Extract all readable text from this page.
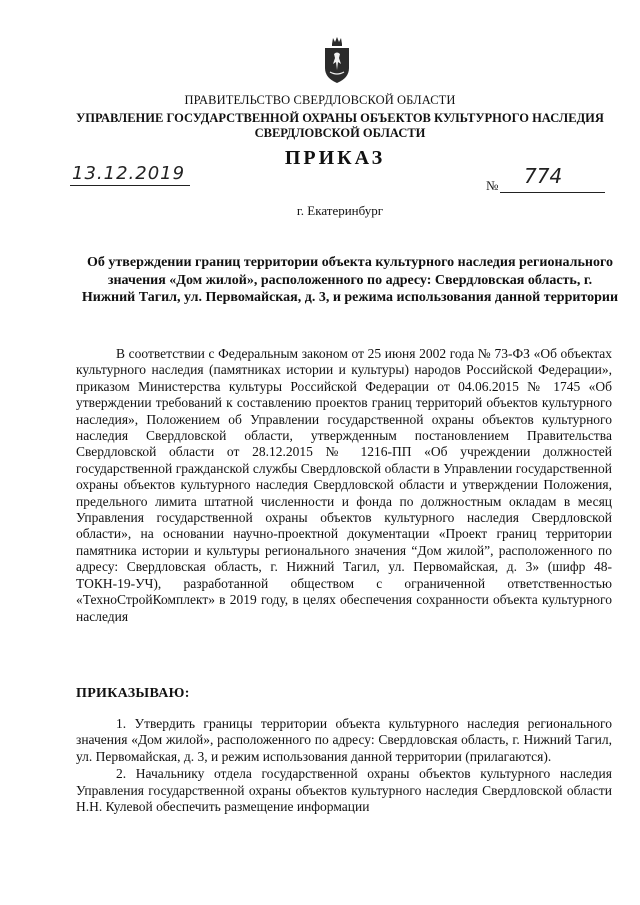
ПРАВИТЕЛЬСТВО СВЕРДЛОВСКОЙ ОБЛАСТИ
УПРАВЛЕНИЕ ГОСУДАРСТВЕННОЙ ОХРАНЫ ОБЪЕКТОВ КУЛЬТУРНОГО НАСЛЕДИЯ СВЕРДЛОВСКОЙ ОБЛАСТИ
ПРИКАЗ
13.12.2019
№ 774
г. Екатеринбург
Об утверждении границ территории объекта культурного наследия регионального значения «Дом жилой», расположенного по адресу: Свердловская область, г. Нижний Тагил, ул. Первомайская, д. 3, и режима использования данной территории

В соответствии с Федеральным законом от 25 июня 2002 года № 73-ФЗ «Об объектах культурного наследия (памятниках истории и культуры) народов Российской Федерации», приказом Министерства культуры Российской Федерации от 04.06.2015 № 1745 «Об утверждении требований к составлению проектов границ территорий объектов культурного наследия», Положением об Управлении государственной охраны объектов культурного наследия Свердловской области, утвержденным постановлением Правительства Свердловской области от 28.12.2015 № 1216-ПП «Об учреждении должностей государственной гражданской службы Свердловской области в Управлении государственной охраны объектов культурного наследия Свердловской области и утверждении Положения, предельного лимита штатной численности и фонда по должностным окладам в месяц Управления государственной охраны объектов культурного наследия Свердловской области», на основании научно-проектной документации «Проект границ территории памятника истории и культуры регионального значения “Дом жилой”, расположенного по адресу: Свердловская область, г. Нижний Тагил, ул. Первомайская, д. 3» (шифр 48-ТОКН-19-УЧ), разработанной обществом с ограниченной ответственностью «ТехноСтройКомплект» в 2019 году, в целях обеспечения сохранности объекта культурного наследия

ПРИКАЗЫВАЮ:

1. Утвердить границы территории объекта культурного наследия регионального значения «Дом жилой», расположенного по адресу: Свердловская область, г. Нижний Тагил, ул. Первомайская, д. 3, и режим использования данной территории (прилагаются).

2. Начальнику отдела государственной охраны объектов культурного наследия Управления государственной охраны объектов культурного наследия Свердловской области Н.Н. Кулевой обеспечить размещение информации
